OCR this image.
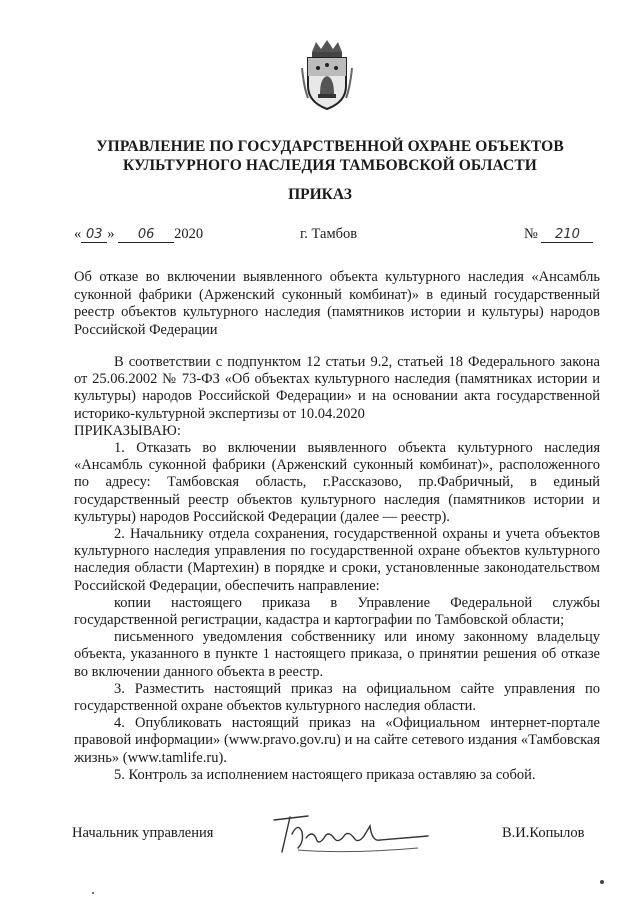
УПРАВЛЕНИЕ ПО ГОСУДАРСТВЕННОЙ ОХРАНЕ ОБЪЕКТОВ
КУЛЬТУРНОГО НАСЛЕДИЯ ТАМБОВСКОЙ ОБЛАСТИ
ПРИКАЗ
« 03 » 06 2020	г. Тамбов	№ 210
Об отказе во включении выявленного объекта культурного наследия «Ансамбль суконной фабрики (Арженский суконный комбинат)» в единый государственный реестр объектов культурного наследия (памятников истории и культуры) народов Российской Федерации

В соответствии с подпунктом 12 статьи 9.2, статьей 18 Федерального закона от 25.06.2002 № 73-ФЗ «Об объектах культурного наследия (памятниках истории и культуры) народов Российской Федерации» и на основании акта государственной историко-культурной экспертизы от 10.04.2020

ПРИКАЗЫВАЮ:

1. Отказать во включении выявленного объекта культурного наследия «Ансамбль суконной фабрики (Арженский суконный комбинат)», расположенного по адресу: Тамбовская область, г.Рассказово, пр.Фабричный, в единый государственный реестр объектов культурного наследия (памятников истории и культуры) народов Российской Федерации (далее — реестр).

2. Начальнику отдела сохранения, государственной охраны и учета объектов культурного наследия управления по государственной охране объектов культурного наследия области (Мартехин) в порядке и сроки, установленные законодательством Российской Федерации, обеспечить направление:

копии настоящего приказа в Управление Федеральной службы государственной регистрации, кадастра и картографии по Тамбовской области;

письменного уведомления собственнику или иному законному владельцу объекта, указанного в пункте 1 настоящего приказа, о принятии решения об отказе во включении данного объекта в реестр.

3. Разместить настоящий приказ на официальном сайте управления по государственной охране объектов культурного наследия области.

4. Опубликовать настоящий приказ на «Официальном интернет-портале правовой информации» (www.pravo.gov.ru) и на сайте сетевого издания «Тамбовская жизнь» (www.tamlife.ru).

5. Контроль за исполнением настоящего приказа оставляю за собой.

Начальник управления	В.И.Копылов
